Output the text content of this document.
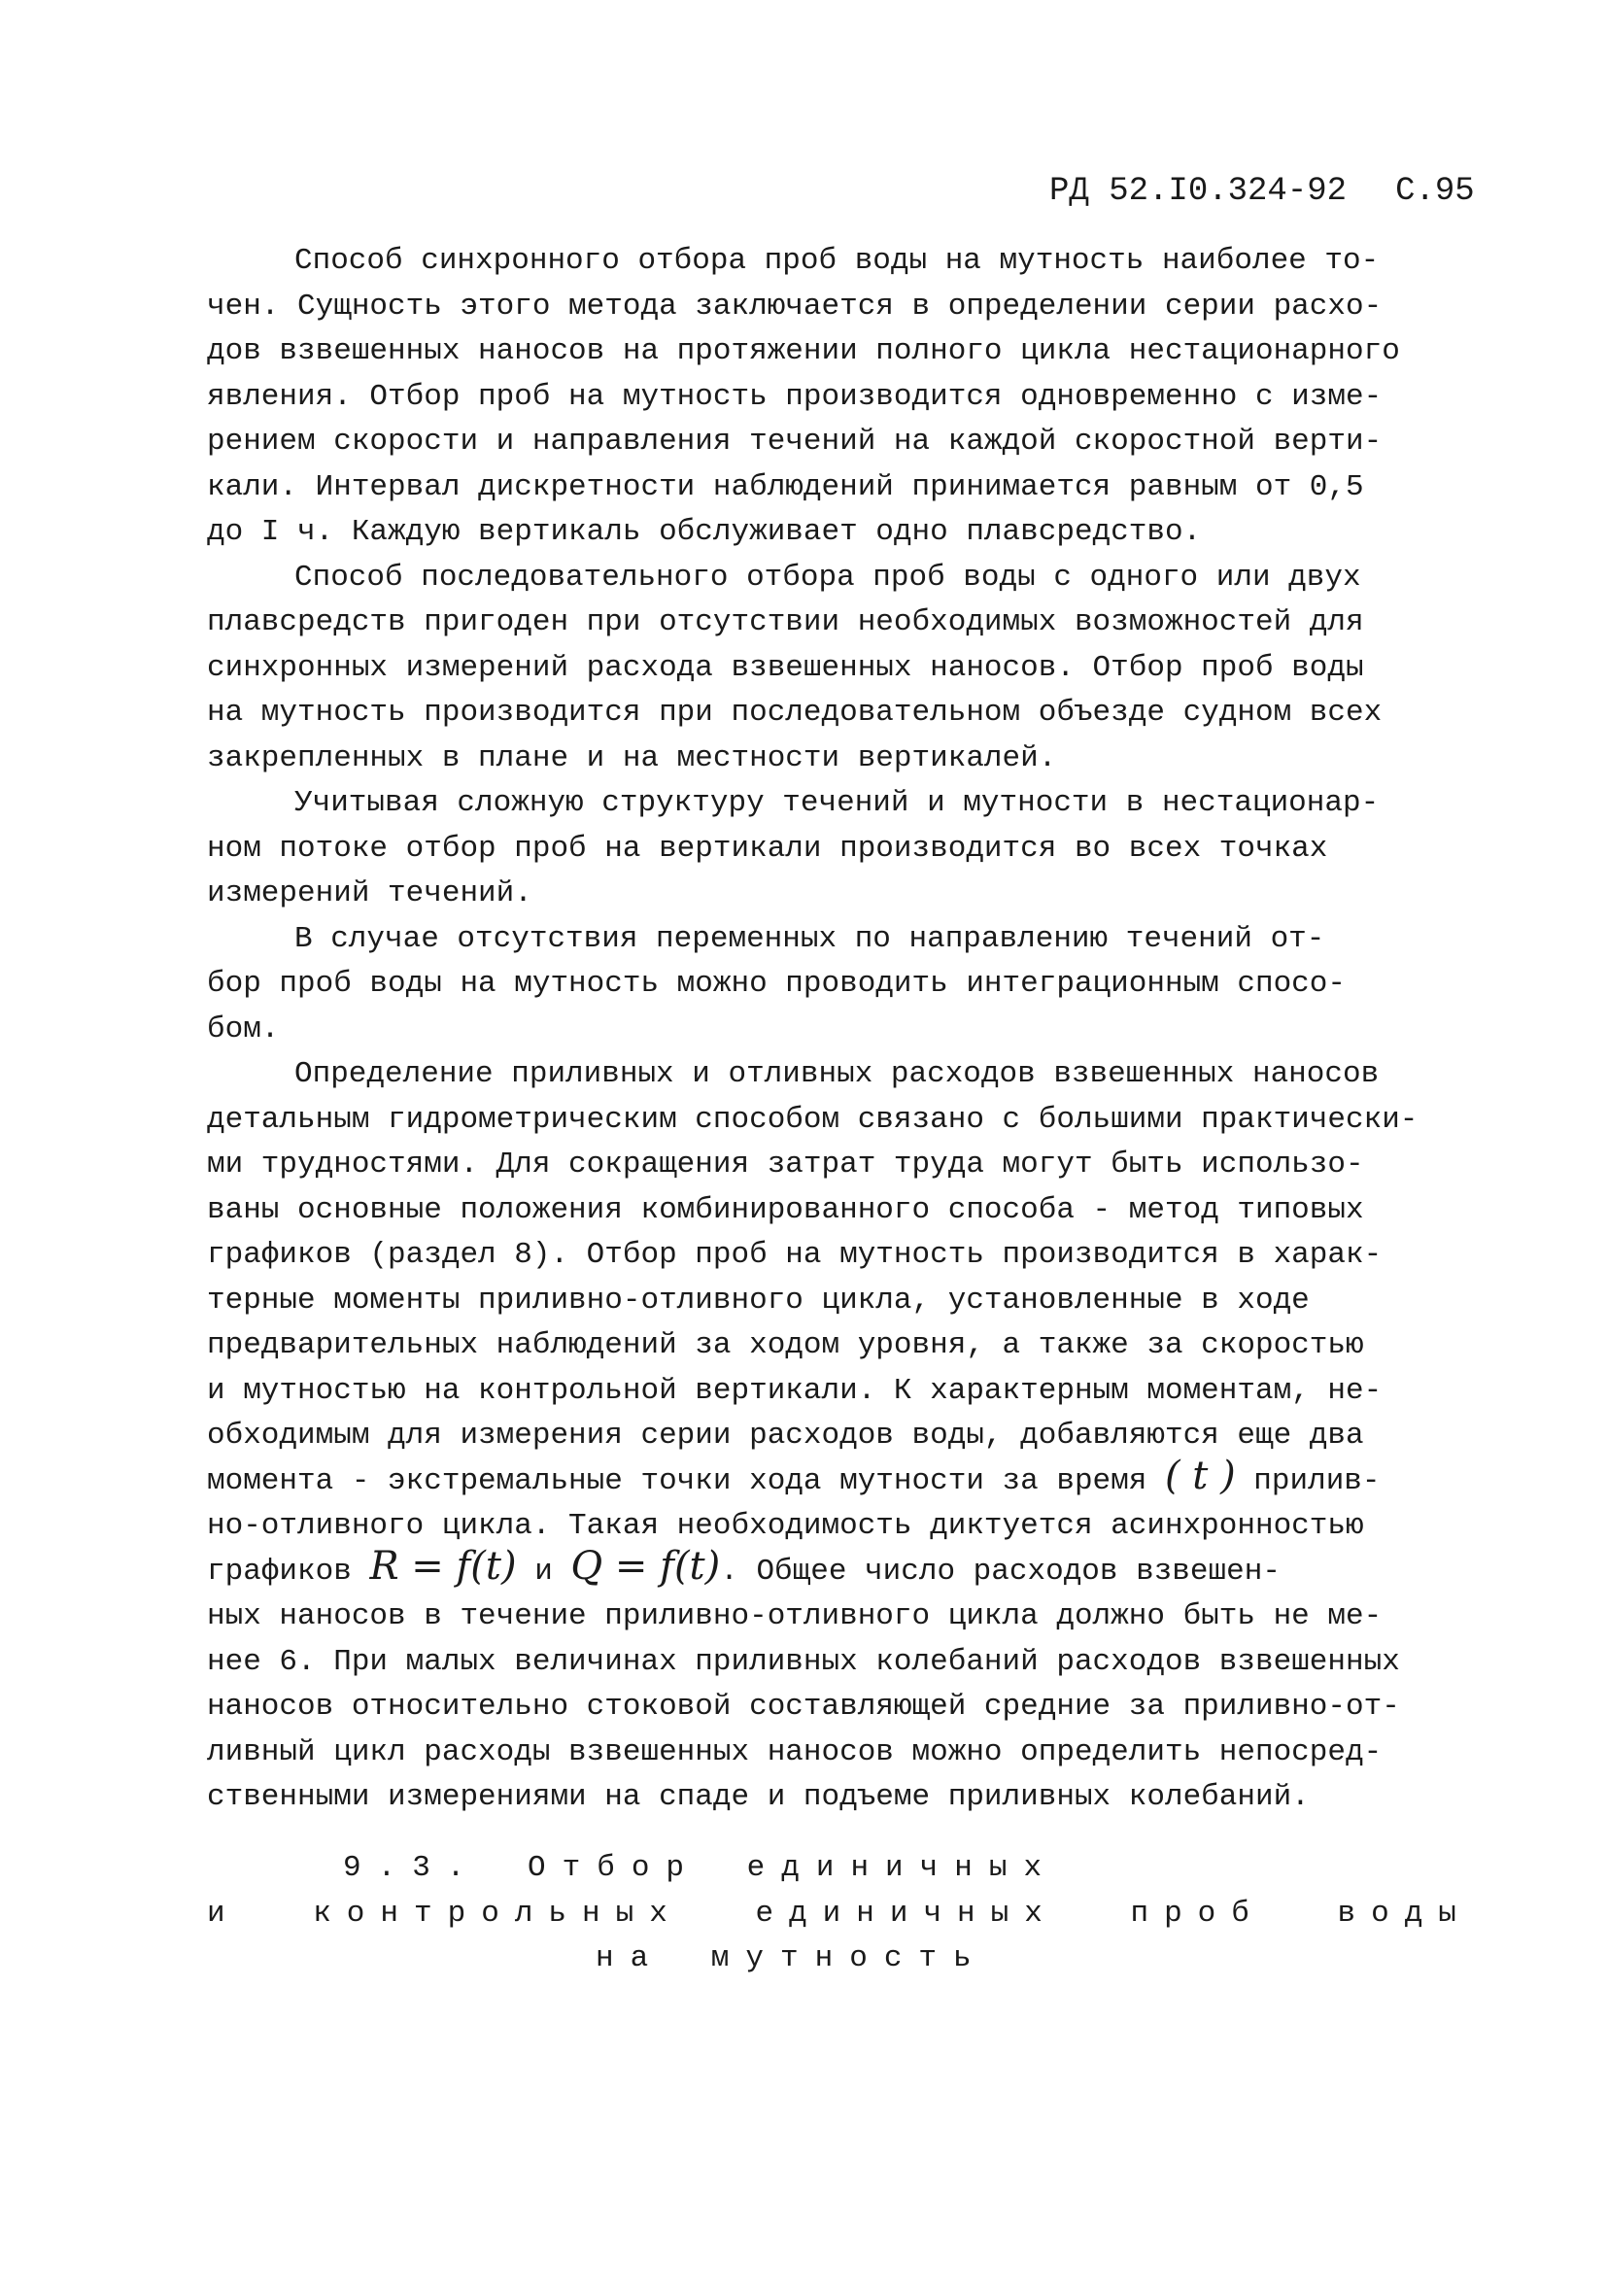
РД 52.I0.324-92 С.95

Способ синхронного отбора проб воды на мутность наиболее то-
чен. Сущность этого метода заключается в определении серии расхо-
дов взвешенных наносов на протяжении полного цикла нестационарного
явления. Отбор проб на мутность производится одновременно с изме-
рением скорости и направления течений на каждой скоростной верти-
кали. Интервал дискретности наблюдений принимается равным от 0,5
до I ч. Каждую вертикаль обслуживает одно плавсредство.

Способ последовательного отбора проб воды с одного или двух
плавсредств пригоден при отсутствии необходимых возможностей для
синхронных измерений расхода взвешенных наносов. Отбор проб воды
на мутность производится при последовательном объезде судном всех
закрепленных в плане и на местности вертикалей.

Учитывая сложную структуру течений и мутности в нестационар-
ном потоке отбор проб на вертикали производится во всех точках
измерений течений.

В случае отсутствия переменных по направлению течений от-
бор проб воды на мутность можно проводить интеграционным спосо-
бом.

Определение приливных и отливных расходов взвешенных наносов
детальным гидрометрическим способом связано с большими практически-
ми трудностями. Для сокращения затрат труда могут быть использо-
ваны основные положения комбинированного способа - метод типовых
графиков (раздел 8). Отбор проб на мутность производится в харак-
терные моменты приливно-отливного цикла, установленные в ходе
предварительных наблюдений за ходом уровня, а также за скоростью
и мутностью на контрольной вертикали. К характерным моментам, не-
обходимым для измерения серии расходов воды, добавляются еще два
момента - экстремальные точки хода мутности за время ( t ) прилив-
но-отливного цикла. Такая необходимость диктуется асинхронностью
графиков R = f(t) и Q = f(t). Общее число расходов взвешен-
ных наносов в течение приливно-отливного цикла должно быть не ме-
нее 6. При малых величинах приливных колебаний расходов взвешенных
наносов относительно стоковой составляющей средние за приливно-от-
ливный цикл расходы взвешенных наносов можно определить непосред-
ственными измерениями на спаде и подъеме приливных колебаний.

9.3. Отбор единичных
и контрольных единичных проб воды
на мутность
